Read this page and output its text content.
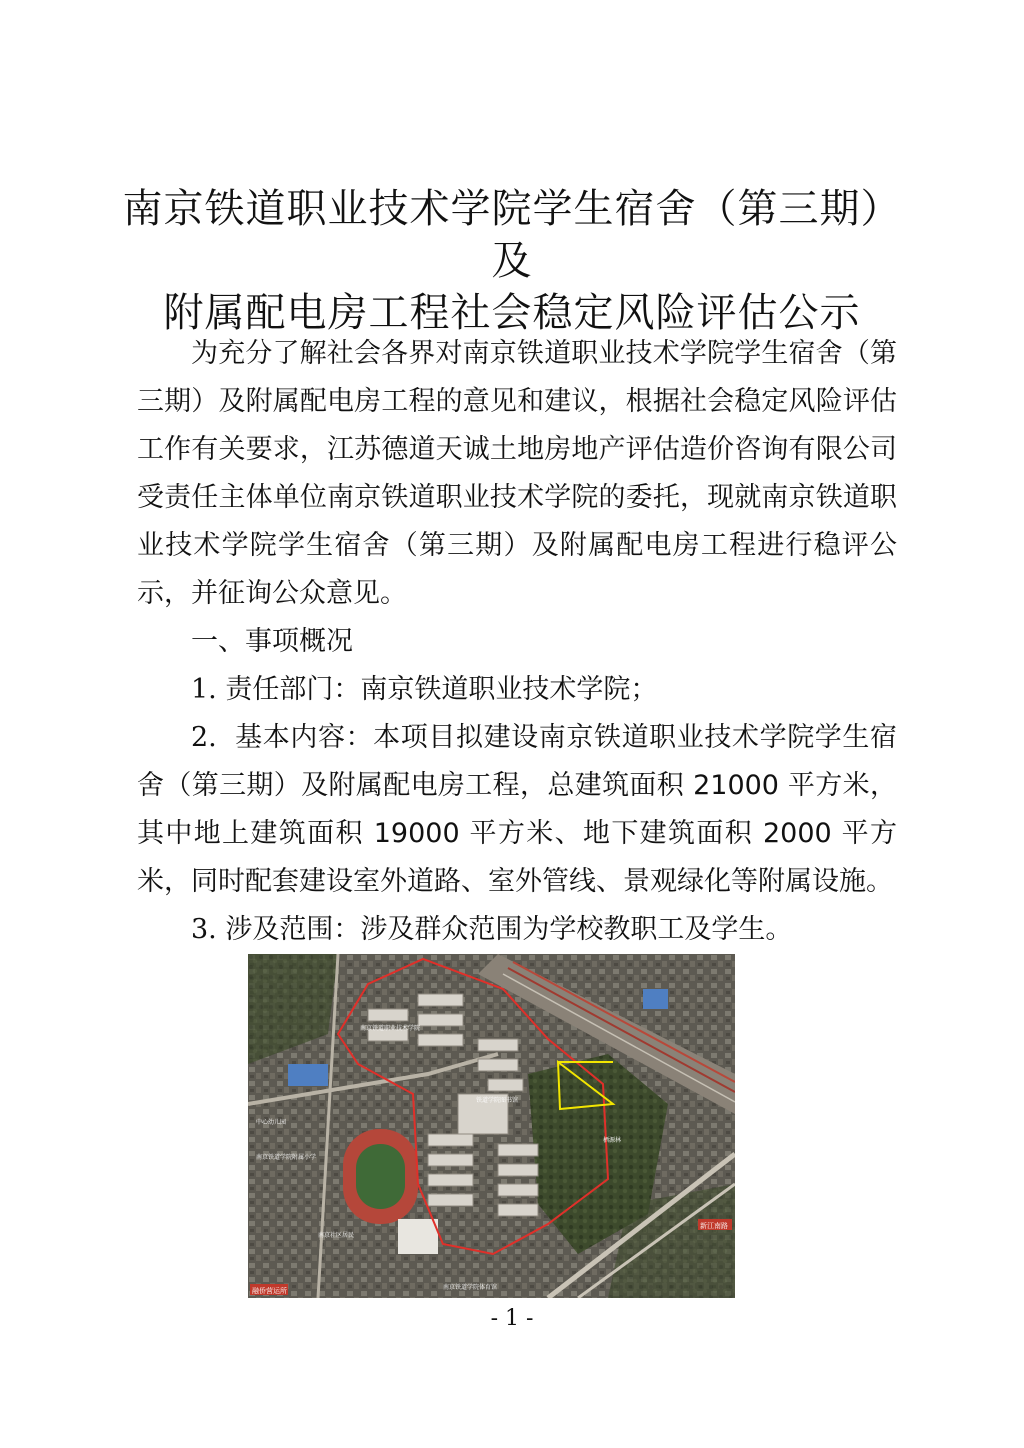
南京铁道职业技术学院学生宿舍（第三期）及
附属配电房工程社会稳定风险评估公示

为充分了解社会各界对南京铁道职业技术学院学生宿舍（第三期）及附属配电房工程的意见和建议，根据社会稳定风险评估工作有关要求，江苏德道天诚土地房地产评估造价咨询有限公司受责任主体单位南京铁道职业技术学院的委托，现就南京铁道职业技术学院学生宿舍（第三期）及附属配电房工程进行稳评公示，并征询公众意见。

一、事项概况

1. 责任部门：南京铁道职业技术学院；

2. 基本内容：本项目拟建设南京铁道职业技术学院学生宿舍（第三期）及附属配电房工程，总建筑面积 21000 平方米，其中地上建筑面积 19000 平方米、地下建筑面积 2000 平方米，同时配套建设室外道路、室外管线、景观绿化等附属设施。

3. 涉及范围：涉及群众范围为学校教职工及学生。

南京铁道职业技术学院
铁道学院图书馆
中心幼儿园
南京铁道学院附属小学
南京社区居民
南京铁道学院体育馆
栖源林
融侨营运所
新江南路
- 1 -
